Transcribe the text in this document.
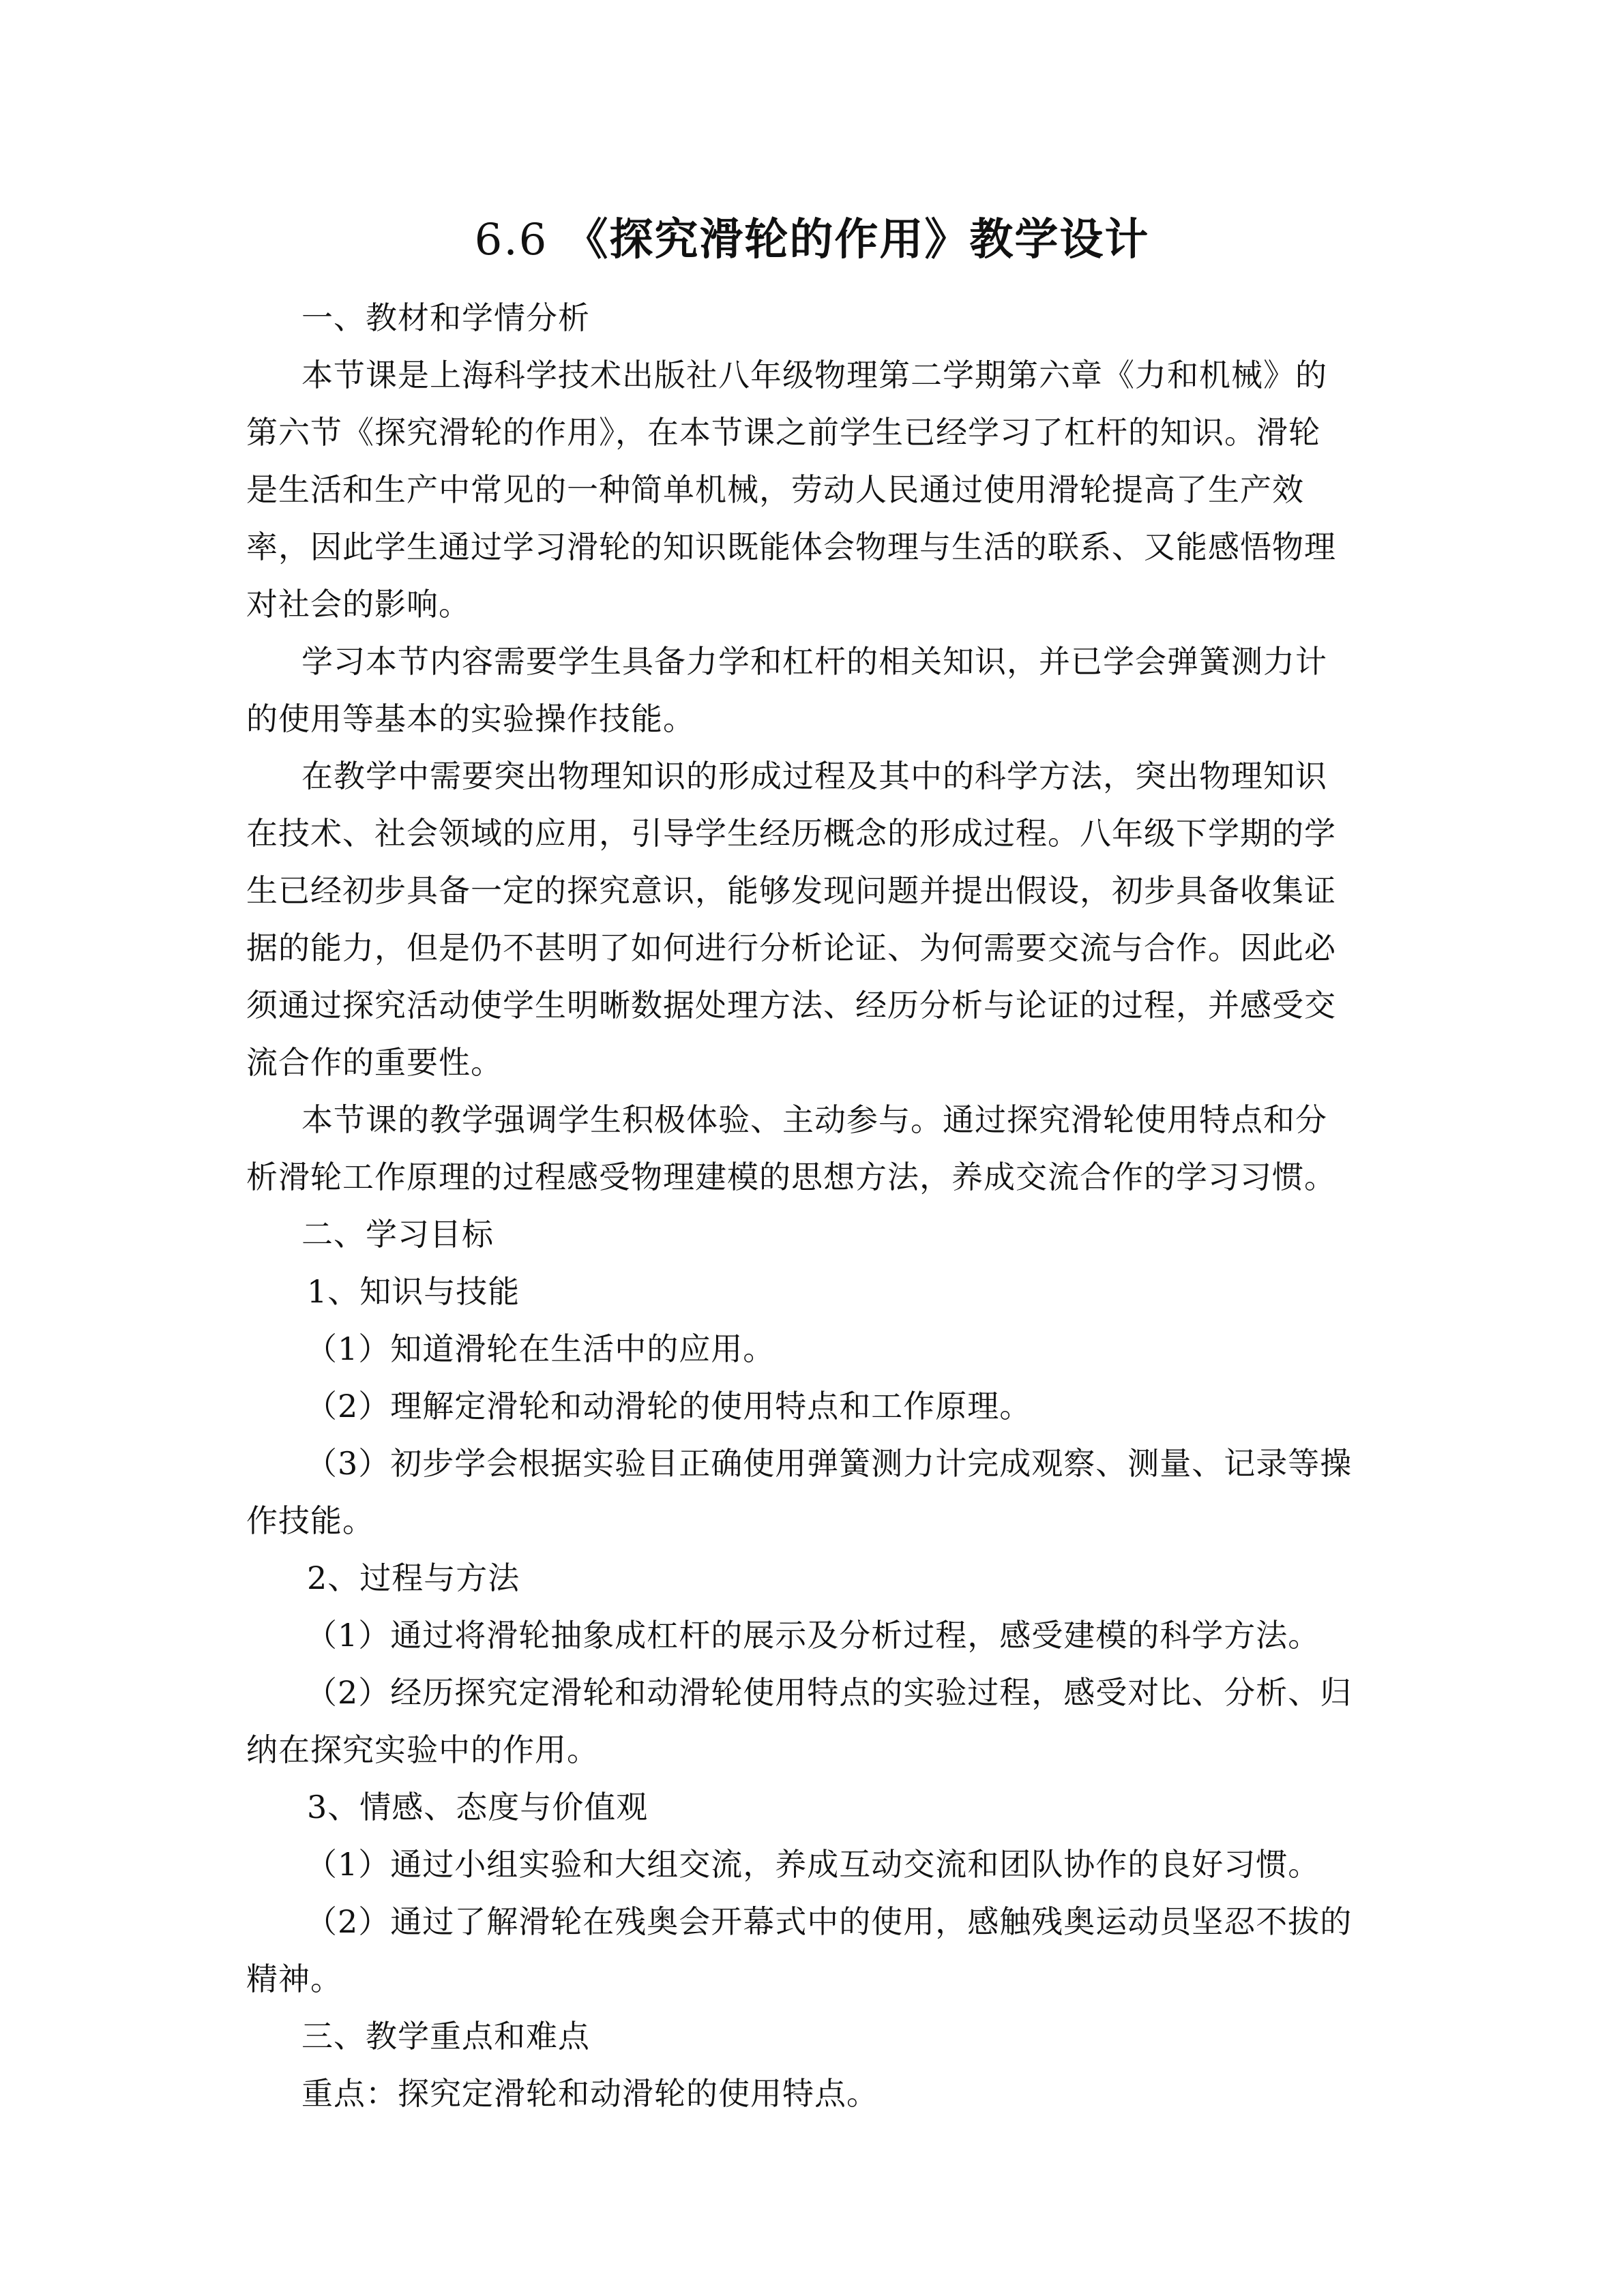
6.6 《探究滑轮的作用》教学设计
一、教材和学情分析
本节课是上海科学技术出版社八年级物理第二学期第六章《力和机械》的
第六节《探究滑轮的作用》，在本节课之前学生已经学习了杠杆的知识。滑轮
是生活和生产中常见的一种简单机械，劳动人民通过使用滑轮提高了生产效
率，因此学生通过学习滑轮的知识既能体会物理与生活的联系、又能感悟物理
对社会的影响。
学习本节内容需要学生具备力学和杠杆的相关知识，并已学会弹簧测力计
的使用等基本的实验操作技能。
在教学中需要突出物理知识的形成过程及其中的科学方法，突出物理知识
在技术、社会领域的应用，引导学生经历概念的形成过程。八年级下学期的学
生已经初步具备一定的探究意识，能够发现问题并提出假设，初步具备收集证
据的能力，但是仍不甚明了如何进行分析论证、为何需要交流与合作。因此必
须通过探究活动使学生明晰数据处理方法、经历分析与论证的过程，并感受交
流合作的重要性。
本节课的教学强调学生积极体验、主动参与。通过探究滑轮使用特点和分
析滑轮工作原理的过程感受物理建模的思想方法，养成交流合作的学习习惯。
二、学习目标
1、知识与技能
（1）知道滑轮在生活中的应用。
（2）理解定滑轮和动滑轮的使用特点和工作原理。
（3）初步学会根据实验目正确使用弹簧测力计完成观察、测量、记录等操
作技能。
2、过程与方法
（1）通过将滑轮抽象成杠杆的展示及分析过程，感受建模的科学方法。
（2）经历探究定滑轮和动滑轮使用特点的实验过程，感受对比、分析、归
纳在探究实验中的作用。
3、情感、态度与价值观
（1）通过小组实验和大组交流，养成互动交流和团队协作的良好习惯。
（2）通过了解滑轮在残奥会开幕式中的使用，感触残奥运动员坚忍不拔的
精神。
三、教学重点和难点
重点：探究定滑轮和动滑轮的使用特点。
